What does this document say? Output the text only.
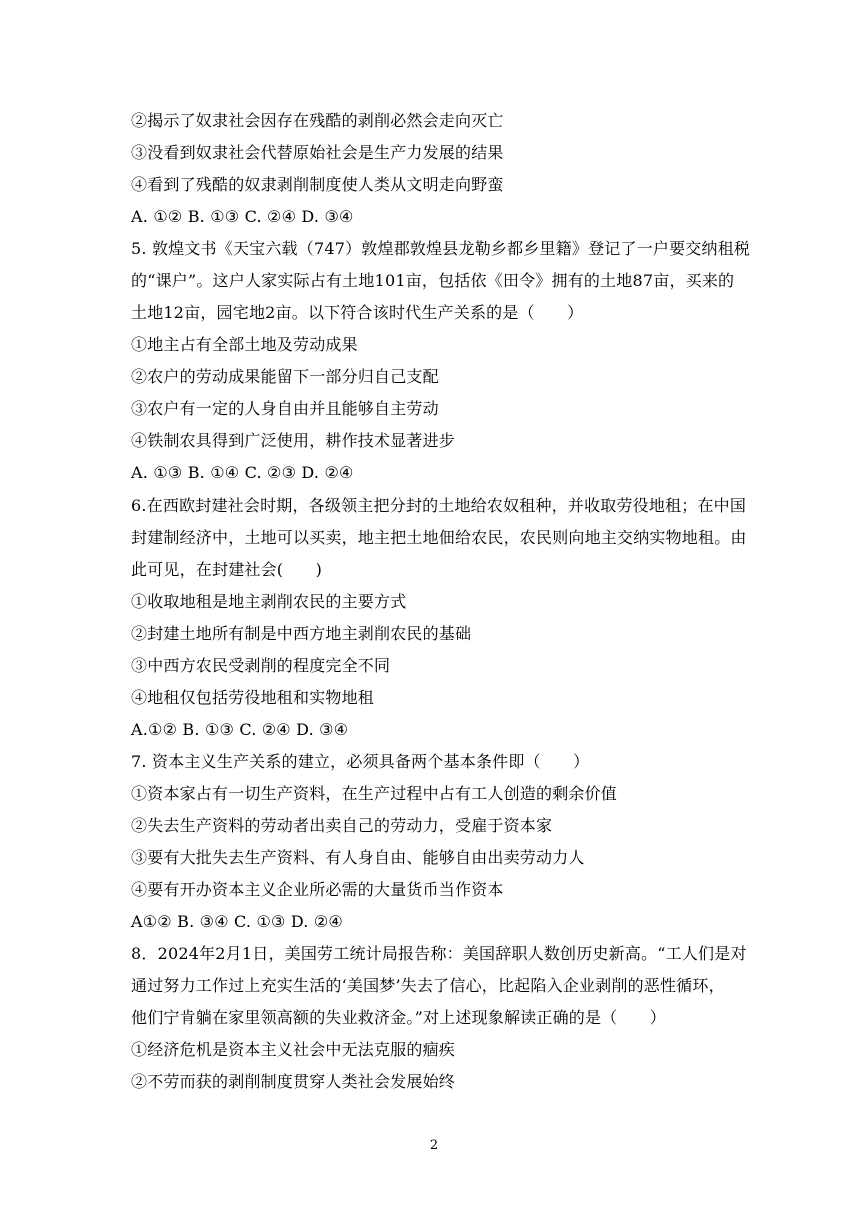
②揭示了奴隶社会因存在残酷的剥削必然会走向灭亡
③没看到奴隶社会代替原始社会是生产力发展的结果
④看到了残酷的奴隶剥削制度使人类从文明走向野蛮
A. ①② B. ①③ C. ②④ D. ③④
5. 敦煌文书《天宝六载（747）敦煌郡敦煌县龙勒乡都乡里籍》登记了一户要交纳租税
的“课户”。这户人家实际占有土地101亩，包括依《田令》拥有的土地87亩，买来的
土地12亩，园宅地2亩。以下符合该时代生产关系的是（　　）
①地主占有全部土地及劳动成果
②农户的劳动成果能留下一部分归自己支配
③农户有一定的人身自由并且能够自主劳动
④铁制农具得到广泛使用，耕作技术显著进步
A. ①③ B. ①④ C. ②③ D. ②④
6.在西欧封建社会时期，各级领主把分封的土地给农奴租种，并收取劳役地租；在中国
封建制经济中，土地可以买卖，地主把土地佃给农民，农民则向地主交纳实物地租。由
此可见，在封建社会(　　)
①收取地租是地主剥削农民的主要方式
②封建土地所有制是中西方地主剥削农民的基础
③中西方农民受剥削的程度完全不同
④地租仅包括劳役地租和实物地租
A.①② B. ①③ C. ②④ D. ③④
7. 资本主义生产关系的建立，必须具备两个基本条件即（　　）
①资本家占有一切生产资料，在生产过程中占有工人创造的剩余价值
②失去生产资料的劳动者出卖自己的劳动力，受雇于资本家
③要有大批失去生产资料、有人身自由、能够自由出卖劳动力人
④要有开办资本主义企业所必需的大量货币当作资本
A①② B. ③④ C. ①③ D. ②④
8．2024年2月1日，美国劳工统计局报告称：美国辞职人数创历史新高。“工人们是对
通过努力工作过上充实生活的‘美国梦’失去了信心，比起陷入企业剥削的恶性循环，
他们宁肯躺在家里领高额的失业救济金。”对上述现象解读正确的是（　　）
①经济危机是资本主义社会中无法克服的痼疾
②不劳而获的剥削制度贯穿人类社会发展始终
2
